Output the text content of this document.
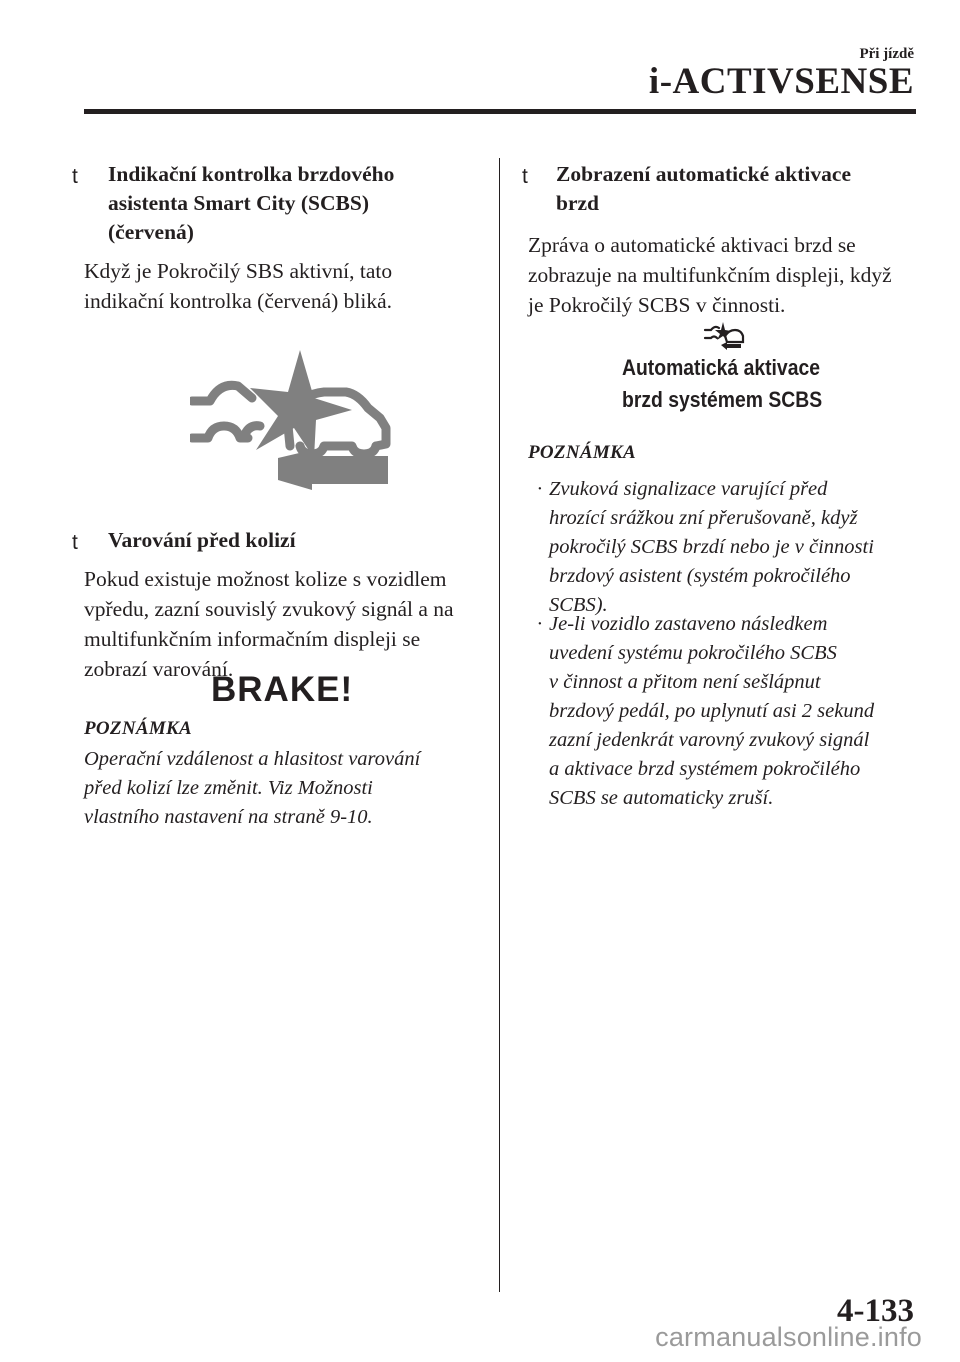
Při jízdě
i-ACTIVSENSE
t Indikační kontrolka brzdového
asistenta Smart City (SCBS)
(červená)
Když je Pokročilý SBS aktivní, tato
indikační kontrolka (červená) bliká.
t Varování před kolizí
Pokud existuje možnost kolize s vozidlem
vpředu, zazní souvislý zvukový signál a na
multifunkčním informačním displeji se
zobrazí varování.
BRAKE!
POZNÁMKA
Operační vzdálenost a hlasitost varování
před kolizí lze změnit. Viz Možnosti
vlastního nastavení na straně 9-10.
t Zobrazení automatické aktivace
brzd
Zpráva o automatické aktivaci brzd se
zobrazuje na multifunkčním displeji, když
je Pokročilý SCBS v činnosti.
Automatická aktivace
brzd systémem SCBS
POZNÁMKA
· Zvuková signalizace varující před
hrozící srážkou zní přerušovaně, když
pokročilý SCBS brzdí nebo je v činnosti
brzdový asistent (systém pokročilého
SCBS).
· Je-li vozidlo zastaveno následkem
uvedení systému pokročilého SCBS
v činnost a přitom není sešlápnut
brzdový pedál, po uplynutí asi 2 sekund
zazní jedenkrát varovný zvukový signál
a aktivace brzd systémem pokročilého
SCBS se automaticky zruší.
4-133
carmanualsonline.info
